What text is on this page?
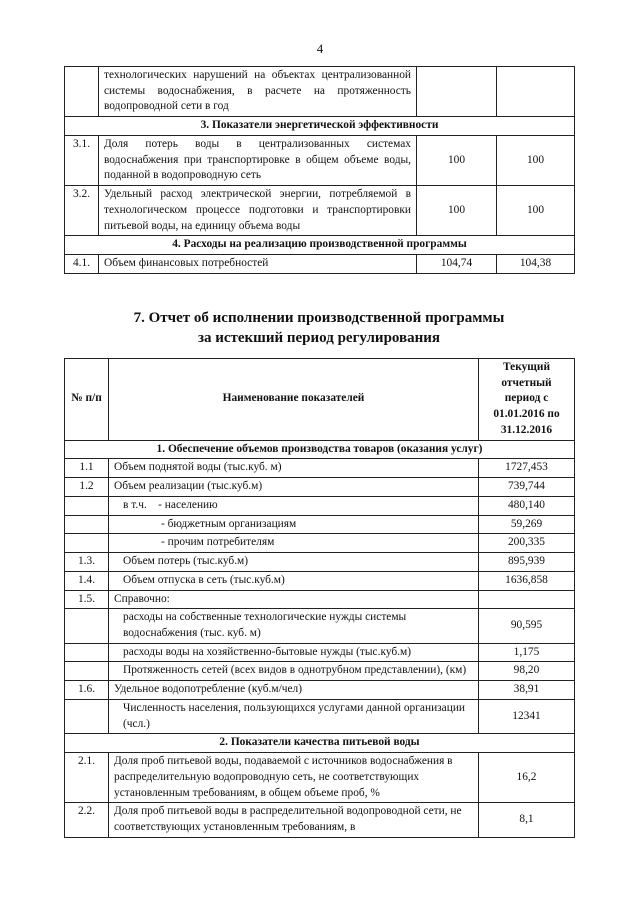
4
	технологических нарушений на объектах централизованной системы водоснабжения, в расчете на протяженность водопроводной сети в год		
3. Показатели энергетической эффективности			
3.1.	Доля потерь воды в централизованных системах водоснабжения при транспортировке в общем объеме воды, поданной в водопроводную сеть	100	100
3.2.	Удельный расход электрической энергии, потребляемой в технологическом процессе подготовки и транспортировки питьевой воды, на единицу объема воды	100	100
4. Расходы на реализацию производственной программы			
4.1.	Объем финансовых потребностей	104,74	104,38
7. Отчет об исполнении производственной программы
за истекший период регулирования
№ п/п	Наименование показателей	Текущий отчетный период с 01.01.2016 по 31.12.2016
1. Обеспечение объемов производства товаров (оказания услуг)		
1.1	Объем поднятой воды (тыс.куб. м)	1727,453
1.2	Объем реализации (тыс.куб.м)	739,744
	в т.ч.    - населению	480,140
	- бюджетным организациям	59,269
	- прочим потребителям	200,335
1.3.	Объем потерь (тыс.куб.м)	895,939
1.4.	Объем отпуска в сеть (тыс.куб.м)	1636,858
1.5.	Справочно:	
	расходы на собственные технологические нужды системы водоснабжения (тыс. куб. м)	90,595
	расходы воды на хозяйственно-бытовые нужды (тыс.куб.м)	1,175
	Протяженность сетей (всех видов в однотрубном представлении), (км)	98,20
1.6.	Удельное водопотребление (куб.м/чел)	38,91
	Численность населения, пользующихся услугами данной организации (чсл.)	12341
2. Показатели качества питьевой воды		
2.1.	Доля проб питьевой воды, подаваемой с источников водоснабжения в распределительную водопроводную сеть, не соответствующих установленным требованиям, в общем объеме проб, %	16,2
2.2.	Доля проб питьевой воды в распределительной водопроводной сети, не соответствующих установленным требованиям, в	8,1
